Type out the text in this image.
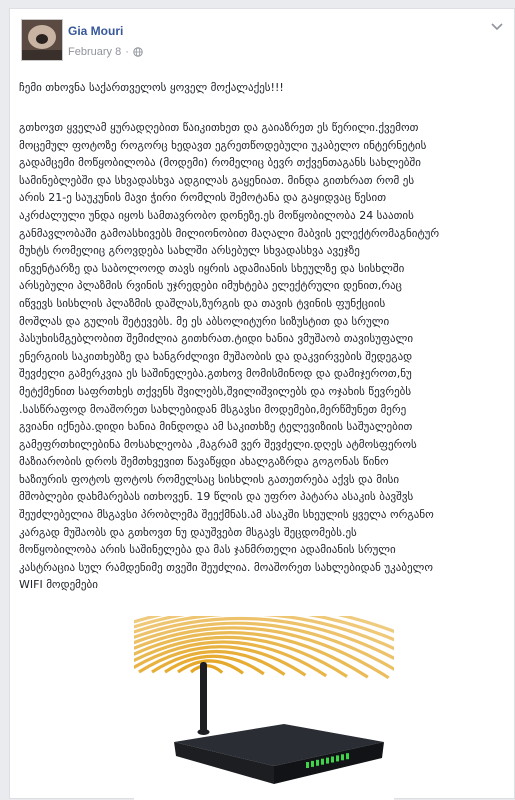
Gia Mouri
February 8 ·

ჩემი თხოვნა საქართველოს ყოველ მოქალაქეს!!!

გთხოვთ ყველამ ყურადღებით წაიკითხეთ და გაიაზრეთ ეს წერილი.ქვემოთ
მოცემულ ფოტოზე როგორც ხედავთ ეგრეთწოდებული უკაბელო ინტერნეტის
გადამცემი მოწყობილობა (მოდემი) რომელიც ბევრ თქვენთაგანს სახლებში
სამინებლებში და სხვადასხვა ადგილას გაყენიათ. მინდა გითხრათ რომ ეს
არის 21-ე საუკუნის მავი ჭირი რომლის შემოტანა და გაყიდვაც წესით
აკრძალული უნდა იყოს სამთავრობო დონეზე.ეს მოწყობილობა 24 საათის
განმავლობაში გამოასხივებს მილიონობით მაღალი მაბვის ელექტრომაგნიტურ
მუხტს რომელიც გროვდება სახლში არსებულ სხვადასხვა ავეჯზე
ინვენტარზე და საბოლოოდ თავს იყრის ადამიანის სხეულზე და სისხლში
არსებული პლაზმის რვინის უჯრედები იმუხტება ელექტრული დენით,რაც
იწვევს სისხლის პლაზმის დაშლას,ზურგის და თავის ტვინის ფუნქციის
მოშლას და გულის შეტევებს. მე ეს აბსოლიტური სიზუსტით და სრული
პასუხისმგებლობით შემიძლია გითხრათ.ტიდი ხანია ვმუშაობ თავისუფალი
ენერგიის საკითხებზე და ხანგრძლივი მუშაობის და დაკვირვების შედეგად
შევძელი გამერკვია ეს საშინელება.გთხოვ მომისმინოდ და დამიჯეროთ,ნუ
მეტქმენით საფრთხეს თქვენს შვილებს,შვილიშვილებს და ოჯახის წევრებს
.სასწრაფოდ მოაშორეთ სახლებიდან მსგავსი მოდემები,მერწმუნეთ მერე
გვიანი იქნება.დიდი ხანია მინდოდა ამ საკითხზე ტელევიზიის საშუალებით
გამეფრთხილებინა მოსახლეობა ,მაგრამ ვერ შევძელი.დღეს ატმოსფეროს
მაზიარობის დროს შემთხვევით წავაწყდი ახალგაზრდა გოგონას წინო
ხაზიურის ფოტოს ფოტოს რომელსაც სისხლის გათეთრება აქვს და მისი
მშობლები დახმარებას ითხოვენ. 19 წლის და უფრო პატარა ასაკის ბავშვს
შეუძლებელია მსგავსი პრობლემა შეექმნას.ამ ასაკში სხეულის ყველა ორგანო
კარგად მუშაობს და გთხოვთ ნუ დაუშვებთ მსგავს შეცდომებს.ეს
მოწყობილობა არის საშინელება და მას ჯანმრთელი ადამიანის სრული
კასტრაცია სულ რამდენიმე თვეში შეუძლია. მოაშორეთ სახლებიდან უკაბელო
WIFI მოდემები
